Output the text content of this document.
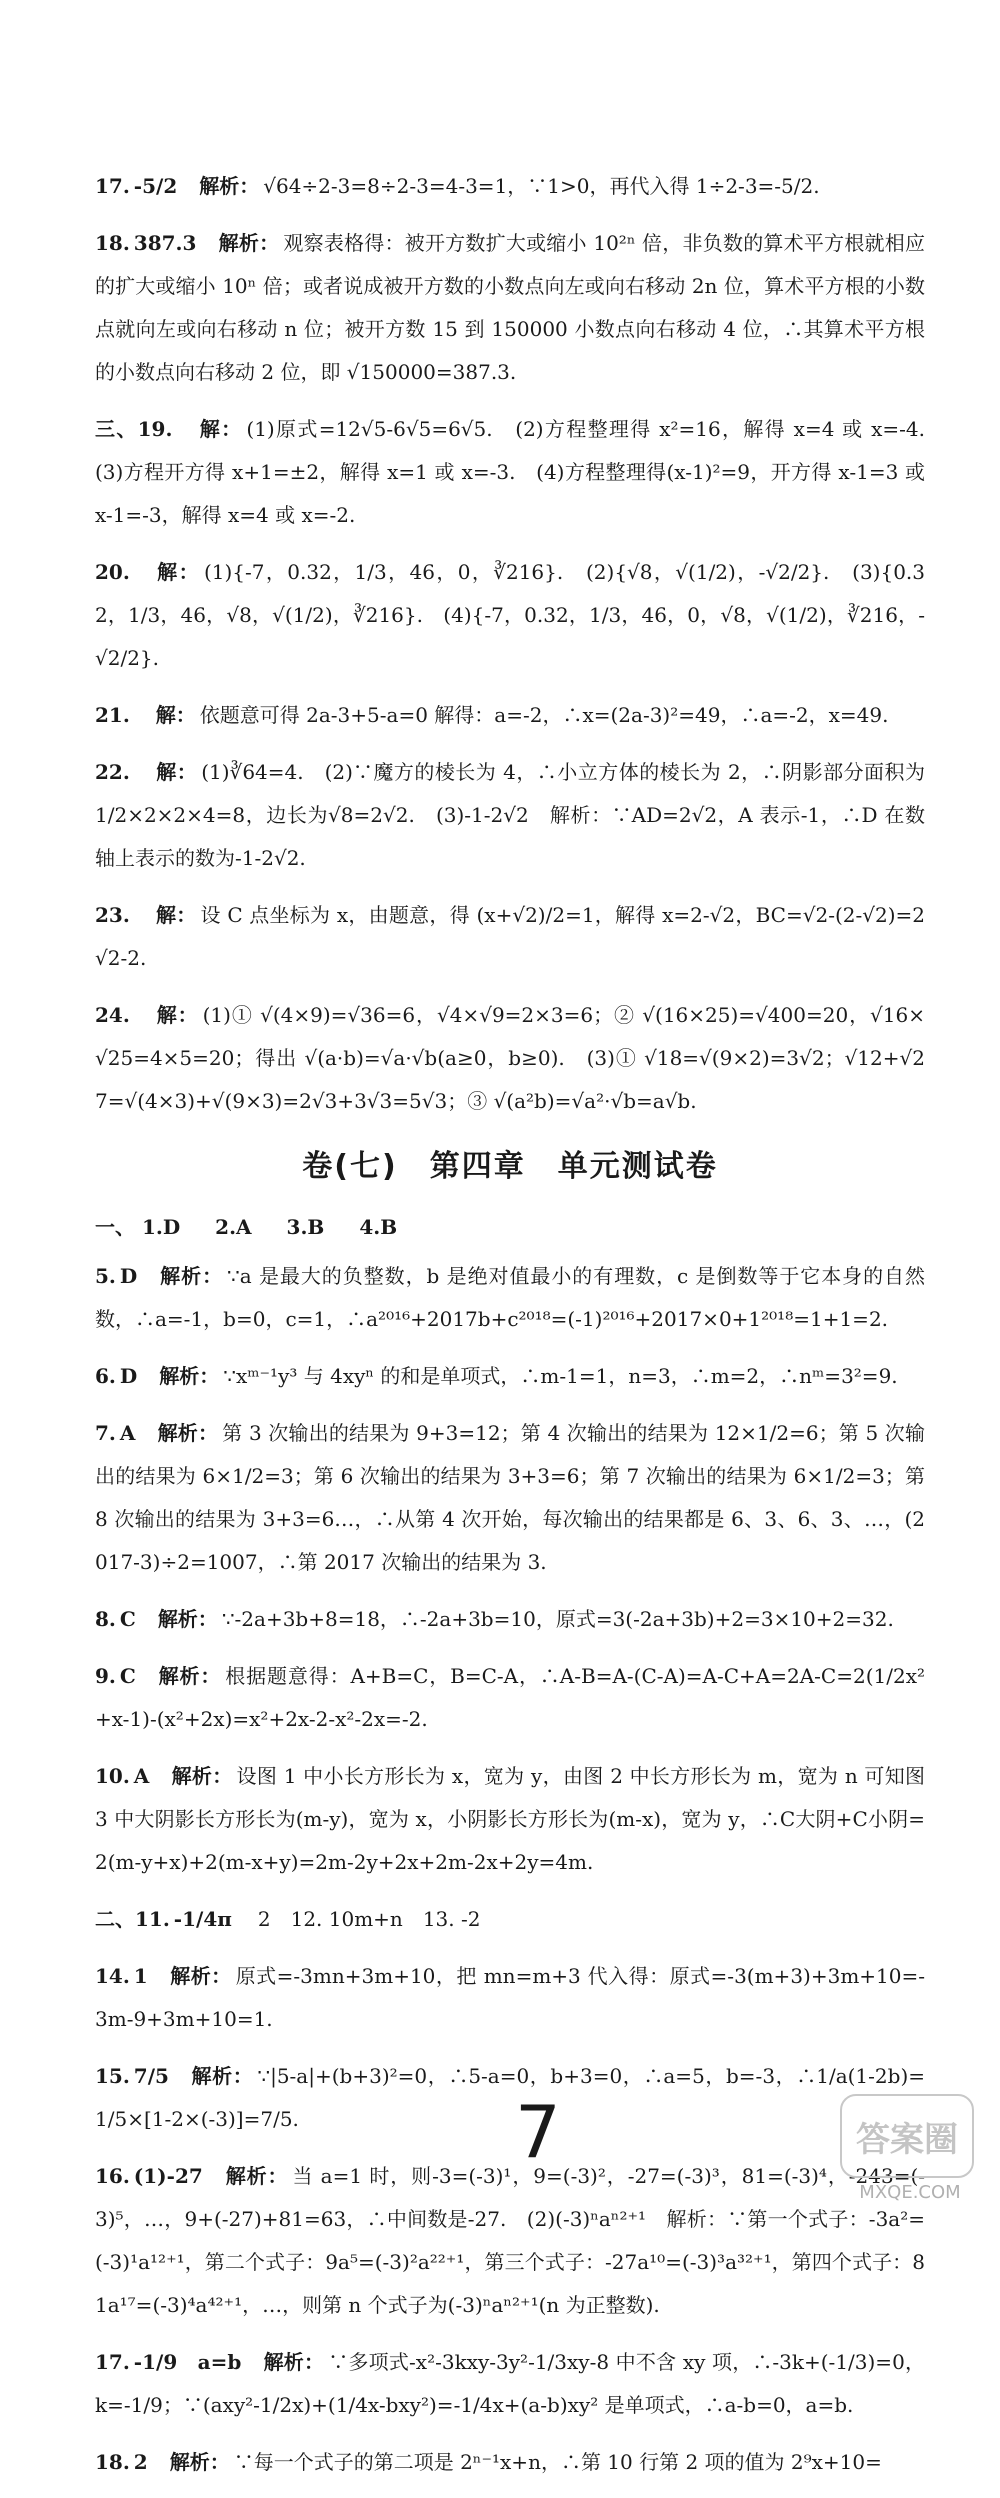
17. -5/2 解析： √64÷2-3=8÷2-3=4-3=1，∵1>0，再代入得 1÷2-3=-5/2.

18. 387.3 解析： 观察表格得：被开方数扩大或缩小 10²ⁿ 倍，非负数的算术平方根就相应的扩大或缩小 10ⁿ 倍；或者说成被开方数的小数点向左或向右移动 2n 位，算术平方根的小数点就向左或向右移动 n 位；被开方数 15 到 150000 小数点向右移动 4 位，∴其算术平方根的小数点向右移动 2 位，即 √150000=387.3.

三、19. 解： (1)原式=12√5-6√5=6√5.　(2)方程整理得 x²=16，解得 x=4 或 x=-4.　(3)方程开方得 x+1=±2，解得 x=1 或 x=-3.　(4)方程整理得(x-1)²=9，开方得 x-1=3 或 x-1=-3，解得 x=4 或 x=-2.

20. 解： (1){-7，0.32，1/3，46，0，∛216}.　(2){√8，√(1/2)，-√2/2}.　(3){0.32，1/3，46，√8，√(1/2)，∛216}.　(4){-7，0.32，1/3，46，0，√8，√(1/2)，∛216，-√2/2}.

21. 解： 依题意可得 2a-3+5-a=0 解得：a=-2，∴x=(2a-3)²=49，∴a=-2，x=49.

22. 解： (1)∛64=4.　(2)∵魔方的棱长为 4，∴小立方体的棱长为 2，∴阴影部分面积为 1/2×2×2×4=8，边长为√8=2√2.　(3)-1-2√2　解析：∵AD=2√2，A 表示-1，∴D 在数轴上表示的数为-1-2√2.

23. 解： 设 C 点坐标为 x，由题意，得 (x+√2)/2=1，解得 x=2-√2，BC=√2-(2-√2)=2√2-2.

24. 解： (1)① √(4×9)=√36=6，√4×√9=2×3=6；② √(16×25)=√400=20，√16×√25=4×5=20；得出 √(a·b)=√a·√b(a≥0，b≥0).　(3)① √18=√(9×2)=3√2；√12+√27=√(4×3)+√(9×3)=2√3+3√3=5√3；③ √(a²b)=√a²·√b=a√b.

卷(七)　第四章　单元测试卷
一、 1.D 2.A 3.B 4.B

5. D 解析： ∵a 是最大的负整数，b 是绝对值最小的有理数，c 是倒数等于它本身的自然数，∴a=-1，b=0，c=1，∴a²⁰¹⁶+2017b+c²⁰¹⁸=(-1)²⁰¹⁶+2017×0+1²⁰¹⁸=1+1=2.

6. D 解析： ∵xᵐ⁻¹y³ 与 4xyⁿ 的和是单项式，∴m-1=1，n=3，∴m=2，∴nᵐ=3²=9.

7. A 解析： 第 3 次输出的结果为 9+3=12；第 4 次输出的结果为 12×1/2=6；第 5 次输出的结果为 6×1/2=3；第 6 次输出的结果为 3+3=6；第 7 次输出的结果为 6×1/2=3；第 8 次输出的结果为 3+3=6…，∴从第 4 次开始，每次输出的结果都是 6、3、6、3、…，(2017-3)÷2=1007，∴第 2017 次输出的结果为 3.

8. C 解析： ∵-2a+3b+8=18，∴-2a+3b=10，原式=3(-2a+3b)+2=3×10+2=32.

9. C 解析： 根据题意得：A+B=C，B=C-A，∴A-B=A-(C-A)=A-C+A=2A-C=2(1/2x²+x-1)-(x²+2x)=x²+2x-2-x²-2x=-2.

10. A 解析： 设图 1 中小长方形长为 x，宽为 y，由图 2 中长方形长为 m，宽为 n 可知图 3 中大阴影长方形长为(m-y)，宽为 x，小阴影长方形长为(m-x)，宽为 y，∴C大阴+C小阴=2(m-y+x)+2(m-x+y)=2m-2y+2x+2m-2x+2y=4m.

二、11. -1/4π 2　12. 10m+n　13. -2

14. 1 解析： 原式=-3mn+3m+10，把 mn=m+3 代入得：原式=-3(m+3)+3m+10=-3m-9+3m+10=1.

15. 7/5 解析： ∵|5-a|+(b+3)²=0，∴5-a=0，b+3=0，∴a=5，b=-3，∴1/a(1-2b)=1/5×[1-2×(-3)]=7/5.

16. (1)-27 解析： 当 a=1 时，则-3=(-3)¹，9=(-3)²，-27=(-3)³，81=(-3)⁴，-243=(-3)⁵，…，9+(-27)+81=63，∴中间数是-27.　(2)(-3)ⁿaⁿ²⁺¹　解析：∵第一个式子：-3a²=(-3)¹a¹²⁺¹，第二个式子：9a⁵=(-3)²a²²⁺¹，第三个式子：-27a¹⁰=(-3)³a³²⁺¹，第四个式子：81a¹⁷=(-3)⁴a⁴²⁺¹，…，则第 n 个式子为(-3)ⁿaⁿ²⁺¹(n 为正整数).

17. -1/9　a=b 解析： ∵多项式-x²-3kxy-3y²-1/3xy-8 中不含 xy 项，∴-3k+(-1/3)=0，k=-1/9；∵(axy²-1/2x)+(1/4x-bxy²)=-1/4x+(a-b)xy² 是单项式，∴a-b=0，a=b.

18. 2 解析： ∵每一个式子的第二项是 2ⁿ⁻¹x+n，∴第 10 行第 2 项的值为 2⁹x+10=

7	答案圈
MXQE.COM
